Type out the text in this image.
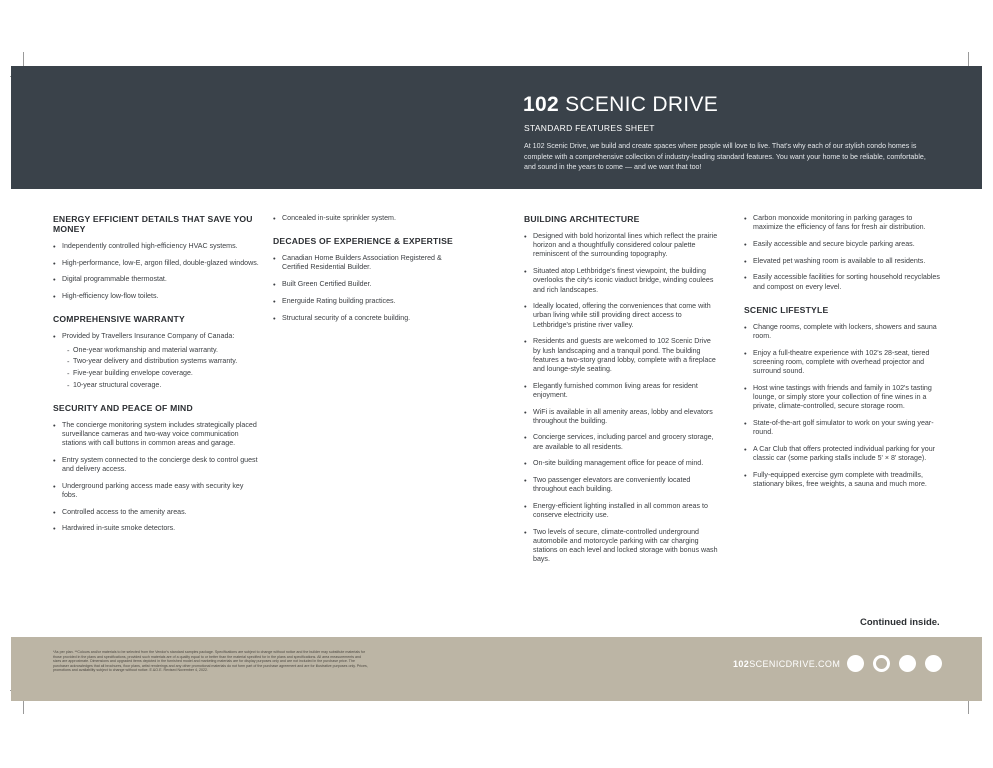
102 SCENIC DRIVE
STANDARD FEATURES SHEET
At 102 Scenic Drive, we build and create spaces where people will love to live. That's why each of our stylish condo homes is complete with a comprehensive collection of industry-leading standard features. You want your home to be reliable, comfortable, and sound in the years to come — and we want that too!
ENERGY EFFICIENT DETAILS THAT SAVE YOU MONEY
• Independently controlled high-efficiency HVAC systems.
• High-performance, low-E, argon filled, double-glazed windows.
• Digital programmable thermostat.
• High-efficiency low-flow toilets.
COMPREHENSIVE WARRANTY
• Provided by Travellers Insurance Company of Canada:
- One-year workmanship and material warranty.
- Two-year delivery and distribution systems warranty.
- Five-year building envelope coverage.
- 10-year structural coverage.
SECURITY AND PEACE OF MIND
• The concierge monitoring system includes strategically placed surveillance cameras and two-way voice communication stations with call buttons in common areas and garage.
• Entry system connected to the concierge desk to control guest and delivery access.
• Underground parking access made easy with security key fobs.
• Controlled access to the amenity areas.
• Hardwired in-suite smoke detectors.
• Concealed in-suite sprinkler system.
DECADES OF EXPERIENCE & EXPERTISE
• Canadian Home Builders Association Registered & Certified Residential Builder.
• Built Green Certified Builder.
• Energuide Rating building practices.
• Structural security of a concrete building.
BUILDING ARCHITECTURE
• Designed with bold horizontal lines which reflect the prairie horizon and a thoughtfully considered colour palette reminiscent of the surrounding topography.
• Situated atop Lethbridge's finest viewpoint, the building overlooks the city's iconic viaduct bridge, winding coulees and rich landscapes.
• Ideally located, offering the conveniences that come with urban living while still providing direct access to Lethbridge's pristine river valley.
• Residents and guests are welcomed to 102 Scenic Drive by lush landscaping and a tranquil pond. The building features a two-story grand lobby, complete with a fireplace and lounge-style seating.
• Elegantly furnished common living areas for resident enjoyment.
• WiFi is available in all amenity areas, lobby and elevators throughout the building.
• Concierge services, including parcel and grocery storage, are available to all residents.
• On-site building management office for peace of mind.
• Two passenger elevators are conveniently located throughout each building.
• Energy-efficient lighting installed in all common areas to conserve electricity use.
• Two levels of secure, climate-controlled underground automobile and motorcycle parking with car charging stations on each level and locked storage with bonus wash bays.
• Carbon monoxide monitoring in parking garages to maximize the efficiency of fans for fresh air distribution.
• Easily accessible and secure bicycle parking areas.
• Elevated pet washing room is available to all residents.
• Easily accessible facilities for sorting household recyclables and compost on every level.
SCENIC LIFESTYLE
• Change rooms, complete with lockers, showers and sauna room.
• Enjoy a full-theatre experience with 102's 28-seat, tiered screening room, complete with overhead projector and surround sound.
• Host wine tastings with friends and family in 102's tasting lounge, or simply store your collection of fine wines in a private, climate-controlled, secure storage room.
• State-of-the-art golf simulator to work on your swing year-round.
• A Car Club that offers protected individual parking for your classic car (some parking stalls include 5' × 8' storage).
• Fully-equipped exercise gym complete with treadmills, stationary bikes, free weights, a sauna and much more.
Continued inside.
*As per plan. **Colours and/or materials to be selected from the Vendor's standard samples package. Specifications are subject to change without notice and the builder may substitute materials for those provided in the plans and specifications, provided such materials are of a quality equal to or better than the material specified for in the plans and specifications. All area measurements and sizes are approximate. Dimensions and upgraded items depicted in the furnished model and marketing materials are for display purposes only and are not included in the purchase price. The purchaser acknowledges that all brochures, floor plans, artist renderings and any other promotional materials do not form part of the purchase agreement and are for illustrative purposes only. Prices, promotions and availability subject to change without notice. E.&O.E. Revised November 4, 2022.
102SCENICDRIVE.COM
